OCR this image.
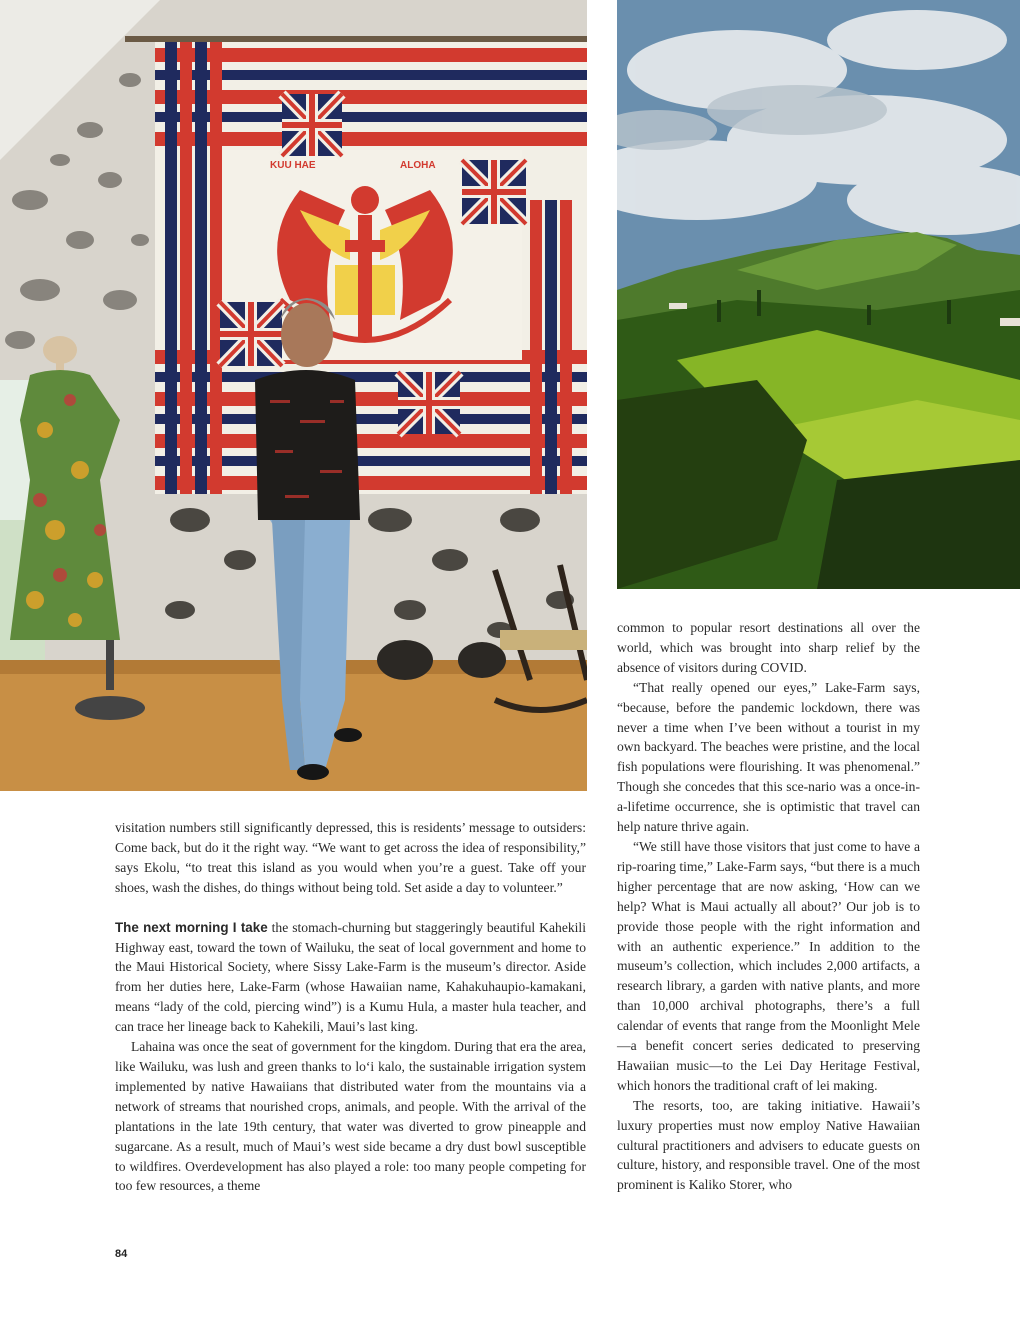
KUU HAE	ALOHA

visitation numbers still significantly depressed, this is residents’ message to outsiders: Come back, but do it the right way. “We want to get across the idea of responsibility,” says Ekolu, “to treat this island as you would when you’re a guest. Take off your shoes, wash the dishes, do things without being told. Set aside a day to volunteer.”

The next morning I take the stomach-churning but staggeringly beautiful Kahekili Highway east, toward the town of Wailuku, the seat of local government and home to the Maui Historical Society, where Sissy Lake-Farm is the museum’s director. Aside from her duties here, Lake-Farm (whose Hawaiian name, Kahakuhaupio-kamakani, means “lady of the cold, piercing wind”) is a Kumu Hula, a master hula teacher, and can trace her lineage back to Kahekili, Maui’s last king.

Lahaina was once the seat of government for the kingdom. During that era the area, like Wailuku, was lush and green thanks to lo‘i kalo, the sustainable irrigation system implemented by native Hawaiians that distributed water from the mountains via a network of streams that nourished crops, animals, and people. With the arrival of the plantations in the late 19th century, that water was diverted to grow pineapple and sugarcane. As a result, much of Maui’s west side became a dry dust bowl susceptible to wildfires. Overdevelopment has also played a role: too many people competing for too few resources, a theme

common to popular resort destinations all over the world, which was brought into sharp relief by the absence of visitors during COVID.

“That really opened our eyes,” Lake-Farm says, “because, before the pandemic lockdown, there was never a time when I’ve been without a tourist in my own backyard. The beaches were pristine, and the local fish populations were flourishing. It was phenomenal.” Though she concedes that this sce-nario was a once-in-a-lifetime occurrence, she is optimistic that travel can help nature thrive again.

“We still have those visitors that just come to have a rip-roaring time,” Lake-Farm says, “but there is a much higher percentage that are now asking, ‘How can we help? What is Maui actually all about?’ Our job is to provide those people with the right information and with an authentic experience.” In addition to the museum’s collection, which includes 2,000 artifacts, a research library, a garden with native plants, and more than 10,000 archival photographs, there’s a full calendar of events that range from the Moonlight Mele—a benefit concert series dedicated to preserving Hawaiian music—to the Lei Day Heritage Festival, which honors the traditional craft of lei making.

The resorts, too, are taking initiative. Hawaii’s luxury properties must now employ Native Hawaiian cultural practitioners and advisers to educate guests on culture, history, and responsible travel. One of the most prominent is Kaliko Storer, who

84
